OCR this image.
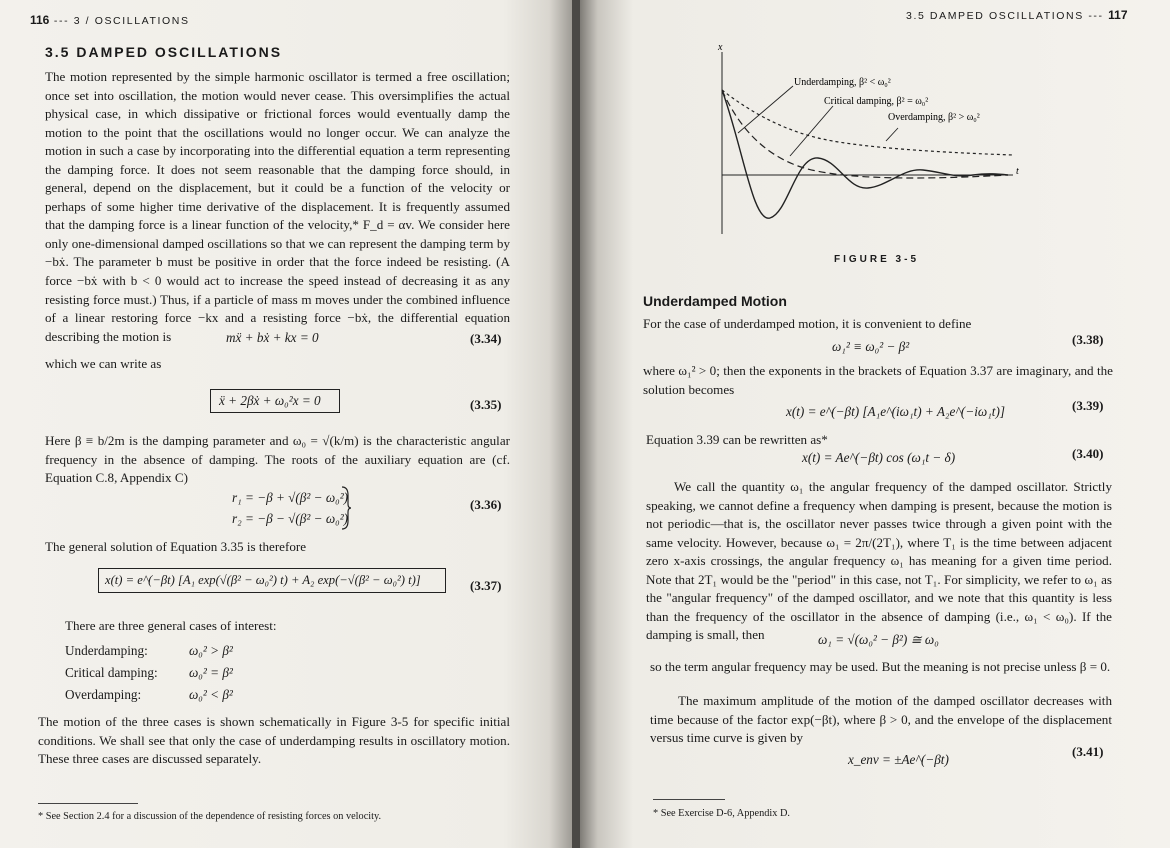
116 --- 3 / OSCILLATIONS
3.5 DAMPED OSCILLATIONS

The motion represented by the simple harmonic oscillator is termed a free oscillation; once set into oscillation, the motion would never cease. This oversimplifies the actual physical case, in which dissipative or frictional forces would eventually damp the motion to the point that the oscillations would no longer occur. We can analyze the motion in such a case by incorporating into the differential equation a term representing the damping force. It does not seem reasonable that the damping force should, in general, depend on the displacement, but it could be a function of the velocity or perhaps of some higher time derivative of the displacement. It is frequently assumed that the damping force is a linear function of the velocity,* F_d = αv. We consider here only one-dimensional damped oscillations so that we can represent the damping term by −bẋ. The parameter b must be positive in order that the force indeed be resisting. (A force −bẋ with b < 0 would act to increase the speed instead of decreasing it as any resisting force must.) Thus, if a particle of mass m moves under the combined influence of a linear restoring force −kx and a resisting force −bẋ, the differential equation describing the motion is	mẍ + bẋ + kx = 0	(3.34)
which we can write as
ẍ + 2βẋ + ω₀²x = 0	(3.35)

Here β ≡ b/2m is the damping parameter and ω₀ = √(k/m) is the characteristic angular frequency in the absence of damping. The roots of the auxiliary equation are (cf. Equation C.8, Appendix C)

r₁ = −β + √(β² − ω₀²)
r₂ = −β − √(β² − ω₀²)
(3.36)
The general solution of Equation 3.35 is therefore
x(t) = e^(−βt) [A₁ exp(√(β² − ω₀²) t) + A₂ exp(−√(β² − ω₀²) t)]	(3.37)
There are three general cases of interest:
Underdamping:	ω₀² > β²
Critical damping:	ω₀² = β²
Overdamping:	ω₀² < β²

The motion of the three cases is shown schematically in Figure 3-5 for specific initial conditions. We shall see that only the case of underdamping results in oscillatory motion. These three cases are discussed separately.

* See Section 2.4 for a discussion of the dependence of resisting forces on velocity.
3.5 DAMPED OSCILLATIONS --- 117
x
t
Underdamping, β² < ω₀²
Critical damping, β² = ω₀²
Overdamping, β² > ω₀²
FIGURE 3-5
Underdamped Motion
For the case of underdamped motion, it is convenient to define
ω₁² ≡ ω₀² − β²	(3.38)

where ω₁² > 0; then the exponents in the brackets of Equation 3.37 are imaginary, and the solution becomes

x(t) = e^(−βt) [A₁e^(iω₁t) + A₂e^(−iω₁t)]	(3.39)
Equation 3.39 can be rewritten as*
x(t) = Ae^(−βt) cos (ω₁t − δ)	(3.40)

We call the quantity ω₁ the angular frequency of the damped oscillator. Strictly speaking, we cannot define a frequency when damping is present, because the motion is not periodic—that is, the oscillator never passes twice through a given point with the same velocity. However, because ω₁ = 2π/(2T₁), where T₁ is the time between adjacent zero x-axis crossings, the angular frequency ω₁ has meaning for a given time period. Note that 2T₁ would be the "period" in this case, not T₁. For simplicity, we refer to ω₁ as the "angular frequency" of the damped oscillator, and we note that this quantity is less than the frequency of the oscillator in the absence of damping (i.e., ω₁ < ω₀). If the damping is small, then	ω₁ = √(ω₀² − β²) ≅ ω₀

so the term angular frequency may be used. But the meaning is not precise unless β = 0.

The maximum amplitude of the motion of the damped oscillator decreases with time because of the factor exp(−βt), where β > 0, and the envelope of the displacement versus time curve is given by

x_env = ±Ae^(−βt)
(3.41)
* See Exercise D-6, Appendix D.
